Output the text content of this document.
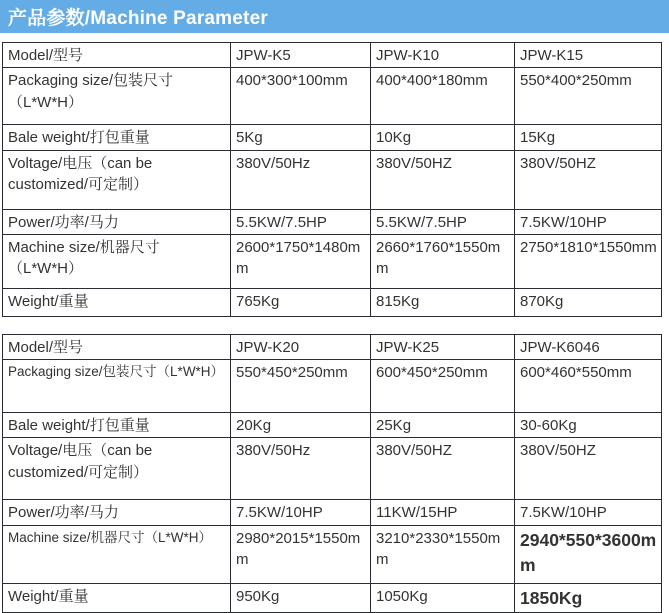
产品参数/Machine Parameter
Model/型号	JPW-K5	JPW-K10	JPW-K15
Packaging size/包装尺寸（L*W*H）	400*300*100mm	400*400*180mm	550*400*250mm
Bale weight/打包重量	5Kg	10Kg	15Kg
Voltage/电压（can be customized/可定制）	380V/50Hz	380V/50HZ	380V/50HZ
Power/功率/马力	5.5KW/7.5HP	5.5KW/7.5HP	7.5KW/10HP
Machine size/机器尺寸（L*W*H）	2600*1750*1480mm	2660*1760*1550mm	2750*1810*1550mm
Weight/重量	765Kg	815Kg	870Kg
Model/型号	JPW-K20	JPW-K25	JPW-K6046
Packaging size/包装尺寸（L*W*H）	550*450*250mm	600*450*250mm	600*460*550mm
Bale weight/打包重量	20Kg	25Kg	30-60Kg
Voltage/电压（can be customized/可定制）	380V/50Hz	380V/50HZ	380V/50HZ
Power/功率/马力	7.5KW/10HP	11KW/15HP	7.5KW/10HP
Machine size/机器尺寸（L*W*H）	2980*2015*1550mm	3210*2330*1550mm	2940*550*3600mm
Weight/重量	950Kg	1050Kg	1850Kg
